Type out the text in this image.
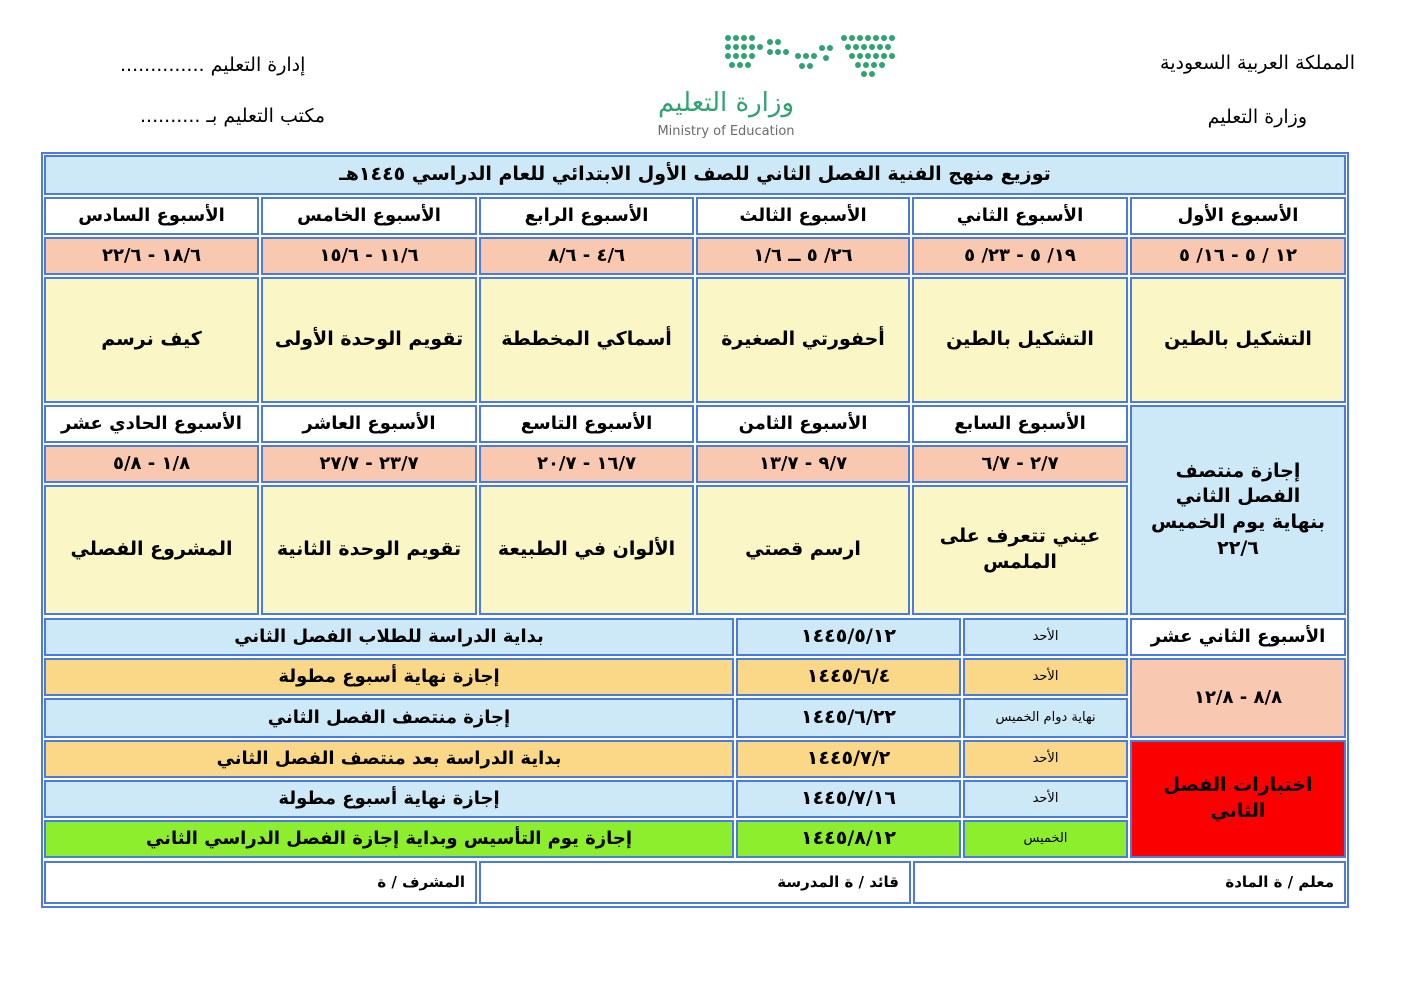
المملكة العربية السعودية
وزارة التعليم
إدارة التعليم ..............
مكتب التعليم بـ ..........	وزارة التعليم
Ministry of Education
توزيع منهج الفنية الفصل الثاني للصف الأول الابتدائي للعام الدراسي ١٤٤٥هـ
الأسبوع الأول
الأسبوع الثاني
الأسبوع الثالث
الأسبوع الرابع
الأسبوع الخامس
الأسبوع السادس
١٢ / ٥ - ١٦/ ٥
١٩/ ٥ - ٢٣/ ٥
٢٦/ ٥ ــ ١/٦
٤/٦ - ٨/٦
١١/٦ - ١٥/٦
١٨/٦ - ٢٢/٦
التشكيل بالطين
التشكيل بالطين
أحفورتي الصغيرة
أسماكي المخططة
تقويم الوحدة الأولى
كيف نرسم
إجازة منتصف الفصل الثاني بنهاية يوم الخميس ٢٢/٦
الأسبوع السابع
الأسبوع الثامن
الأسبوع التاسع
الأسبوع العاشر
الأسبوع الحادي عشر
٢/٧ - ٦/٧
٩/٧ - ١٣/٧
١٦/٧ - ٢٠/٧
٢٣/٧ - ٢٧/٧
١/٨ - ٥/٨
عيني تتعرف على الملمس
ارسم قصتي
الألوان في الطبيعة
تقويم الوحدة الثانية
المشروع الفصلي
الأسبوع الثاني عشر
٨/٨ - ١٢/٨
اختبارات الفصل الثاني
الأحد
١٤٤٥/٥/١٢
بداية الدراسة للطلاب الفصل الثاني
الأحد
١٤٤٥/٦/٤
إجازة نهاية أسبوع مطولة
نهاية دوام الخميس
١٤٤٥/٦/٢٢
إجازة منتصف الفصل الثاني
الأحد
١٤٤٥/٧/٢
بداية الدراسة بعد منتصف الفصل الثاني
الأحد
١٤٤٥/٧/١٦
إجازة نهاية أسبوع مطولة
الخميس
١٤٤٥/٨/١٢
إجازة يوم التأسيس وبداية إجازة الفصل الدراسي الثاني
معلم / ة المادة
قائد / ة المدرسة
المشرف / ة
